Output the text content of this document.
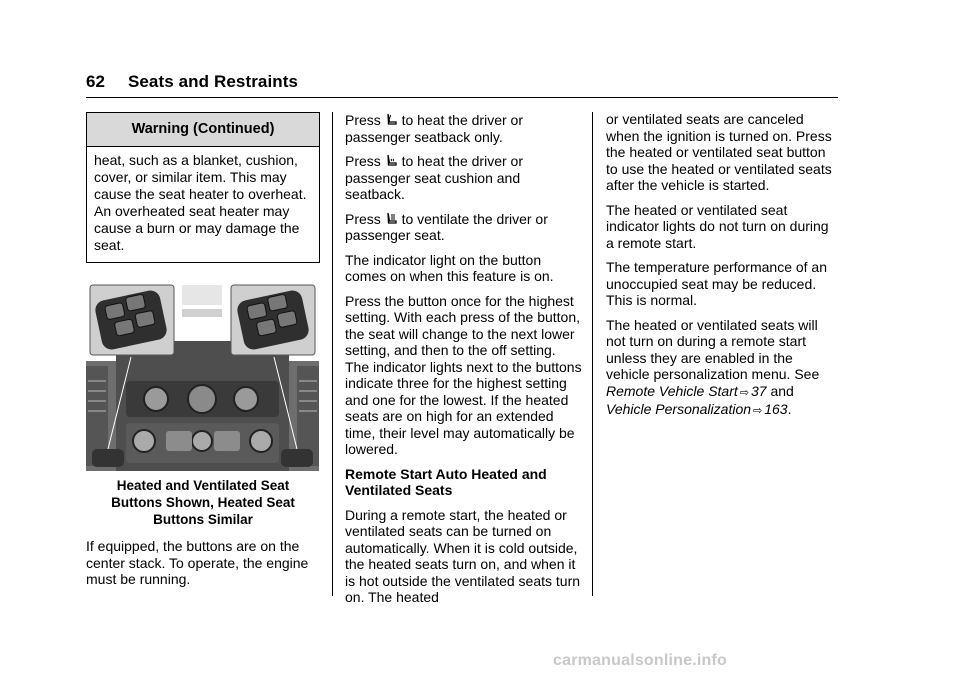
62 Seats and Restraints
Warning (Continued)
heat, such as a blanket, cushion, cover, or similar item. This may cause the seat heater to overheat. An overheated seat heater may cause a burn or may damage the seat.
Heated and Ventilated Seat
Buttons Shown, Heated Seat
Buttons Similar

If equipped, the buttons are on the center stack. To operate, the engine must be running.

Press to heat the driver or passenger seatback only.

Press to heat the driver or passenger seat cushion and seatback.

Press to ventilate the driver or passenger seat.

The indicator light on the button comes on when this feature is on.

Press the button once for the highest setting. With each press of the button, the seat will change to the next lower setting, and then to the off setting. The indicator lights next to the buttons indicate three for the highest setting and one for the lowest. If the heated seats are on high for an extended time, their level may automatically be lowered.

Remote Start Auto Heated and Ventilated Seats

During a remote start, the heated or ventilated seats can be turned on automatically. When it is cold outside, the heated seats turn on, and when it is hot outside the ventilated seats turn on. The heated

or ventilated seats are canceled when the ignition is turned on. Press the heated or ventilated seat button to use the heated or ventilated seats after the vehicle is started.

The heated or ventilated seat indicator lights do not turn on during a remote start.

The temperature performance of an unoccupied seat may be reduced. This is normal.

The heated or ventilated seats will not turn on during a remote start unless they are enabled in the vehicle personalization menu. See Remote Vehicle Start ⇨ 37 and Vehicle Personalization ⇨ 163.

carmanualsonline.info
